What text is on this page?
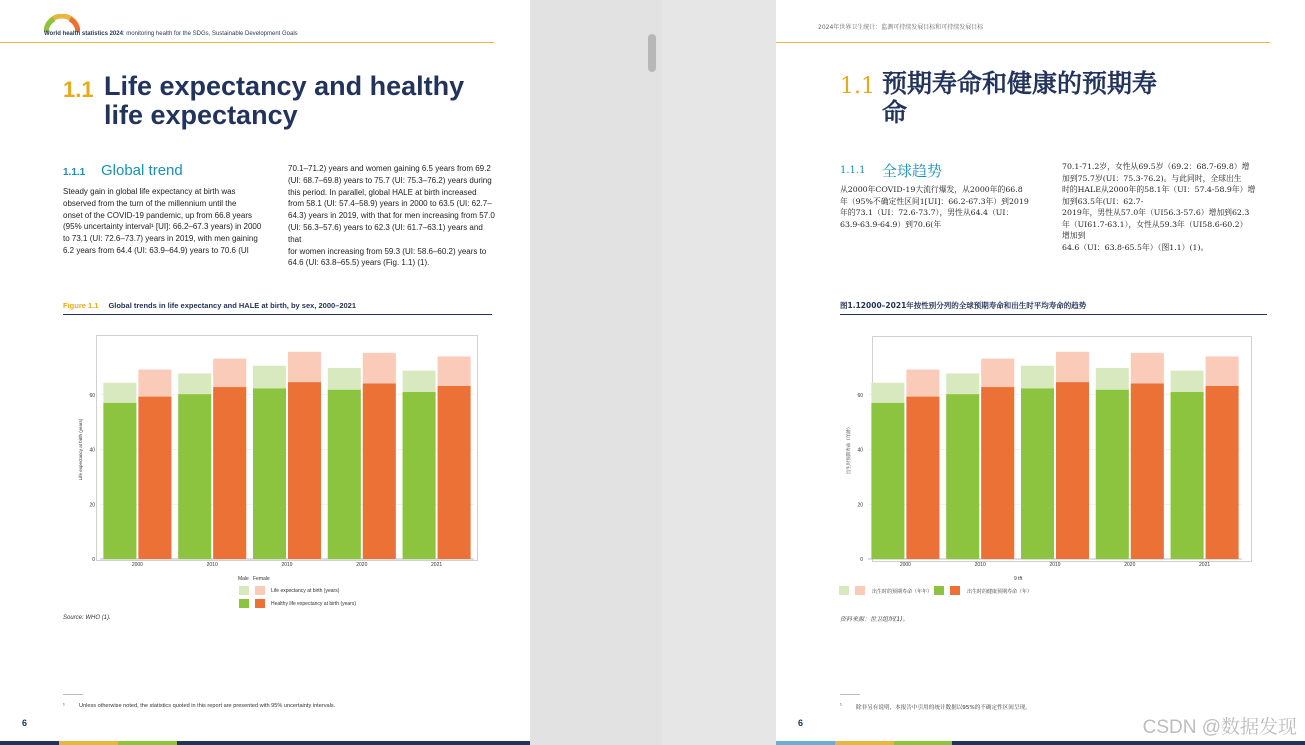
World health statistics 2024: monitoring health for the SDGs, Sustainable Development Goals
1.1 Life expectancy and healthy
life expectancy
1.1.1 Global trend
Steady gain in global life expectancy at birth was
observed from the turn of the millennium until the
onset of the COVID-19 pandemic, up from 66.8 years
(95% uncertainty interval¹ [UI]: 66.2–67.3 years) in 2000
to 73.1 (UI: 72.6–73.7) years in 2019, with men gaining
6.2 years from 64.4 (UI: 63.9–64.9) years to 70.6 (UI
70.1–71.2) years and women gaining 6.5 years from 69.2
(UI: 68.7–69.8) years to 75.7 (UI: 75.3–76.2) years during
this period. In parallel, global HALE at birth increased
from 58.1 (UI: 57.4–58.9) years in 2000 to 63.5 (UI: 62.7–
64.3) years in 2019, with that for men increasing from 57.0
(UI: 56.3–57.6) years to 62.3 (UI: 61.7–63.1) years and that
for women increasing from 59.3 (UI: 58.6–60.2) years to
64.6 (UI: 63.8–65.5) years (Fig. 1.1) (1).
Figure 1.1 Global trends in life expectancy and HALE at birth, by sex, 2000–2021
0
20
40
60
2000	2010	2019	2020	2021
Life expectancy at birth (years)
Male Female
Life expectancy at birth (years)
Healthy life expectancy at birth (years)
Source: WHO (1).
¹	Unless otherwise noted, the statistics quoted in this report are presented with 95% uncertainty intervals.
6
2024年世界卫生统计：监测可持续发展目标和可持续发展目标
1.1 预期寿命和健康的预期寿
命
1.1.1 全球趋势
从2000年COVID-19大流行爆发，从2000年的66.8
年（95%不确定性区间1[UI]：66.2-67.3年）到2019
年的73.1（UI：72.6-73.7），男性从64.4（UI：
63.9-63.9-64.9）到70.6(年
70.1-71.2岁，女性从69.5岁（69.2：68.7-69.8）增
加到75.7岁(UI：75.3-76.2)。与此同时，全球出生
时的HALE从2000年的58.1年（UI：57.4-58.9年）增
加到63.5年(UI：62.7-
2019年，男性从57.0年（UI56.3-57.6）增加到62.3
年（UI61.7-63.1），女性从59.3年（UI58.6-60.2）
增加到
64.6（UI：63.8-65.5年）（图1.1）(1)。
图1.12000–2021年按性别分列的全球预期寿命和出生时平均寿命的趋势
0
20
40
60
2000	2010	2019	2020	2021
出生时预期寿命（年龄）
9 tft
出生时的预期寿命（年年）	出生时的健康预期寿命（年）
资料来源：世卫组织(1)。
¹	除非另有说明，本报告中引用的统计数据以95%的不确定性区间呈现。
6	CSDN @数据发现
